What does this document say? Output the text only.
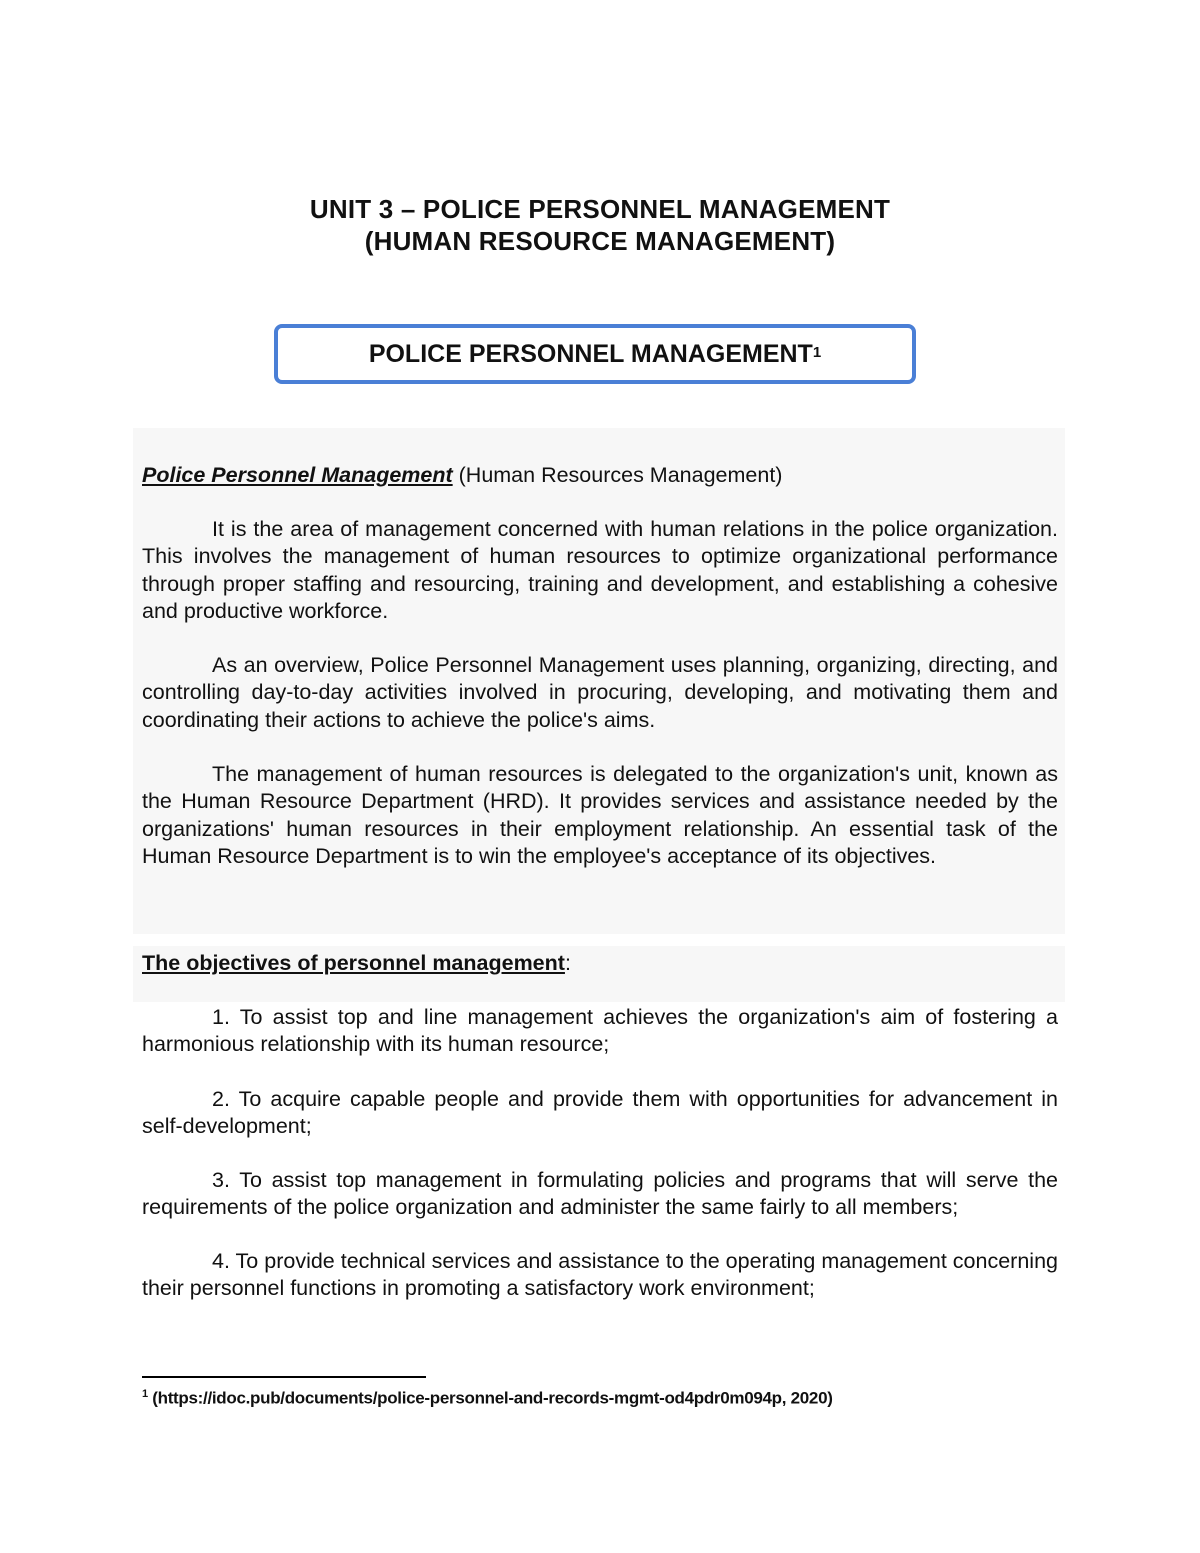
UNIT 3 – POLICE PERSONNEL MANAGEMENT
(HUMAN RESOURCE MANAGEMENT)
POLICE PERSONNEL MANAGEMENT$^1$

Police Personnel Management (Human Resources Management)

It is the area of management concerned with human relations in the police organization. This involves the management of human resources to optimize organizational performance through proper staffing and resourcing, training and development, and establishing a cohesive and productive workforce.

As an overview, Police Personnel Management uses planning, organizing, directing, and controlling day-to-day activities involved in procuring, developing, and motivating them and coordinating their actions to achieve the police's aims.

The management of human resources is delegated to the organization's unit, known as the Human Resource Department (HRD). It provides services and assistance needed by the organizations' human resources in their employment relationship. An essential task of the Human Resource Department is to win the employee's acceptance of its objectives.

The objectives of personnel management:

1. To assist top and line management achieves the organization's aim of fostering a harmonious relationship with its human resource;

2. To acquire capable people and provide them with opportunities for advancement in self-development;

3. To assist top management in formulating policies and programs that will serve the requirements of the police organization and administer the same fairly to all members;

4. To provide technical services and assistance to the operating management concerning their personnel functions in promoting a satisfactory work environment;

$^1$ (https://idoc.pub/documents/police-personnel-and-records-mgmt-od4pdr0m094p, 2020)
